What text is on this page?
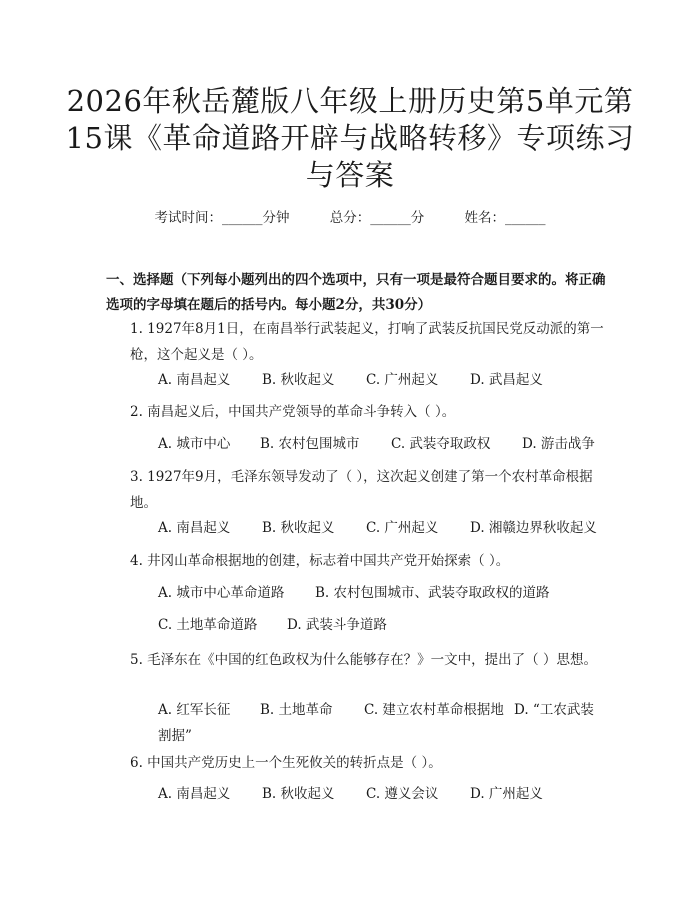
2026年秋岳麓版八年级上册历史第5单元第
15课《革命道路开辟与战略转移》专项练习
与答案
考试时间：______分钟	总分：______分	姓名：______
一、选择题（下列每小题列出的四个选项中，只有一项是最符合题目要求的。将正确选项的字母填在题后的括号内。每小题2分，共30分）
1. 1927年8月1日，在南昌举行武装起义，打响了武装反抗国民党反动派的第一枪，这个起义是（ ）。
A. 南昌起义 B. 秋收起义 C. 广州起义 D. 武昌起义
2. 南昌起义后，中国共产党领导的革命斗争转入（ ）。
A. 城市中心 B. 农村包围城市 C. 武装夺取政权 D. 游击战争
3. 1927年9月，毛泽东领导发动了（ ），这次起义创建了第一个农村革命根据地。
A. 南昌起义 B. 秋收起义 C. 广州起义 D. 湘赣边界秋收起义
4. 井冈山革命根据地的创建，标志着中国共产党开始探索（ ）。
A. 城市中心革命道路 B. 农村包围城市、武装夺取政权的道路
C. 土地革命道路 D. 武装斗争道路
5. 毛泽东在《中国的红色政权为什么能够存在？》一文中，提出了（ ）思想。
A. 红军长征 B. 土地革命 C. 建立农村革命根据地 D. “工农武装割据”
6. 中国共产党历史上一个生死攸关的转折点是（ ）。
A. 南昌起义 B. 秋收起义 C. 遵义会议 D. 广州起义
